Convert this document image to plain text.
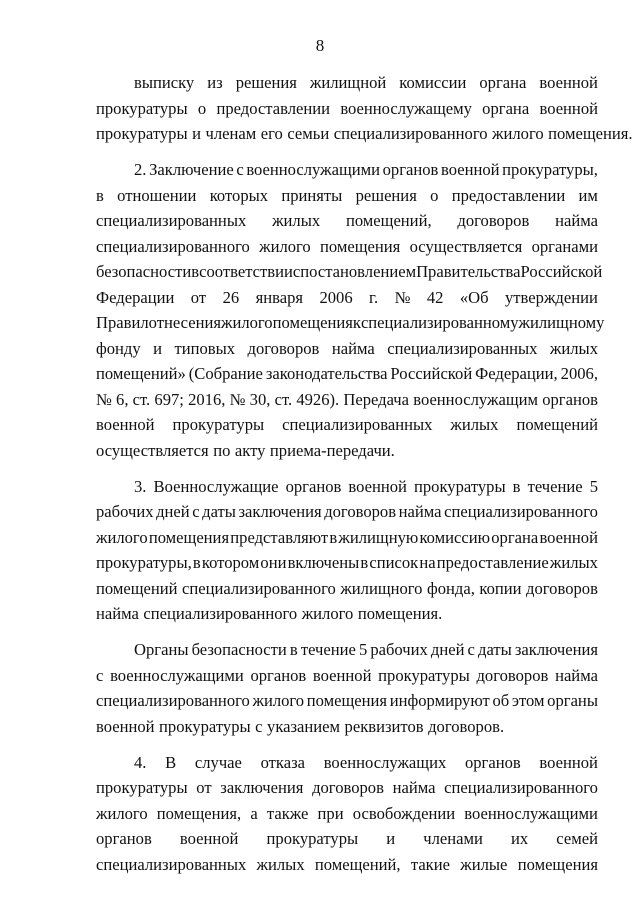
8
выписку из решения жилищной комиссии органа военной
прокуратуры о предоставлении военнослужащему органа военной
прокуратуры и членам его семьи специализированного жилого помещения.
2. Заключение с военнослужащими органов военной прокуратуры,
в отношении которых приняты решения о предоставлении им
специализированных жилых помещений, договоров найма
специализированного жилого помещения осуществляется органами
безопасности в соответствии с постановлением Правительства Российской
Федерации от 26 января 2006 г. № 42 «Об утверждении
Правил отнесения жилого помещения к специализированному жилищному
фонду и типовых договоров найма специализированных жилых
помещений» (Собрание законодательства Российской Федерации, 2006,
№ 6, ст. 697; 2016, № 30, ст. 4926). Передача военнослужащим органов
военной прокуратуры специализированных жилых помещений
осуществляется по акту приема-передачи.
3. Военнослужащие органов военной прокуратуры в течение 5
рабочих дней с даты заключения договоров найма специализированного
жилого помещения представляют в жилищную комиссию органа военной
прокуратуры, в котором они включены в список на предоставление жилых
помещений специализированного жилищного фонда, копии договоров
найма специализированного жилого помещения.
Органы безопасности в течение 5 рабочих дней с даты заключения
с военнослужащими органов военной прокуратуры договоров найма
специализированного жилого помещения информируют об этом органы
военной прокуратуры с указанием реквизитов договоров.
4. В случае отказа военнослужащих органов военной
прокуратуры от заключения договоров найма специализированного
жилого помещения, а также при освобождении военнослужащими
органов военной прокуратуры и членами их семей
специализированных жилых помещений, такие жилые помещения
